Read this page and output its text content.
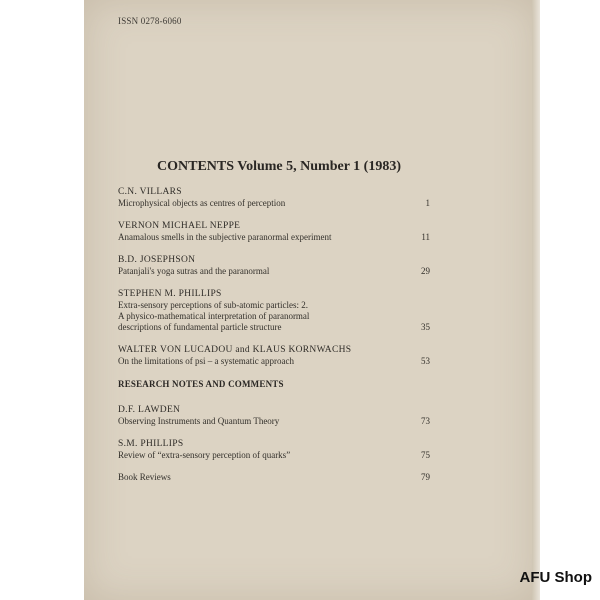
ISSN 0278-6060
CONTENTS Volume 5, Number 1 (1983)
C.N. VILLARS
Microphysical objects as centres of perception	1
VERNON MICHAEL NEPPE
Anamalous smells in the subjective paranormal experiment	11
B.D. JOSEPHSON
Patanjali's yoga sutras and the paranormal	29
STEPHEN M. PHILLIPS
Extra-sensory perceptions of sub-atomic particles: 2.
A physico-mathematical interpretation of paranormal
descriptions of fundamental particle structure	35
WALTER VON LUCADOU and KLAUS KORNWACHS
On the limitations of psi – a systematic approach	53
RESEARCH NOTES AND COMMENTS
D.F. LAWDEN
Observing Instruments and Quantum Theory	73
S.M. PHILLIPS
Review of “extra-sensory perception of quarks”	75
Book Reviews	79
AFU Shop
